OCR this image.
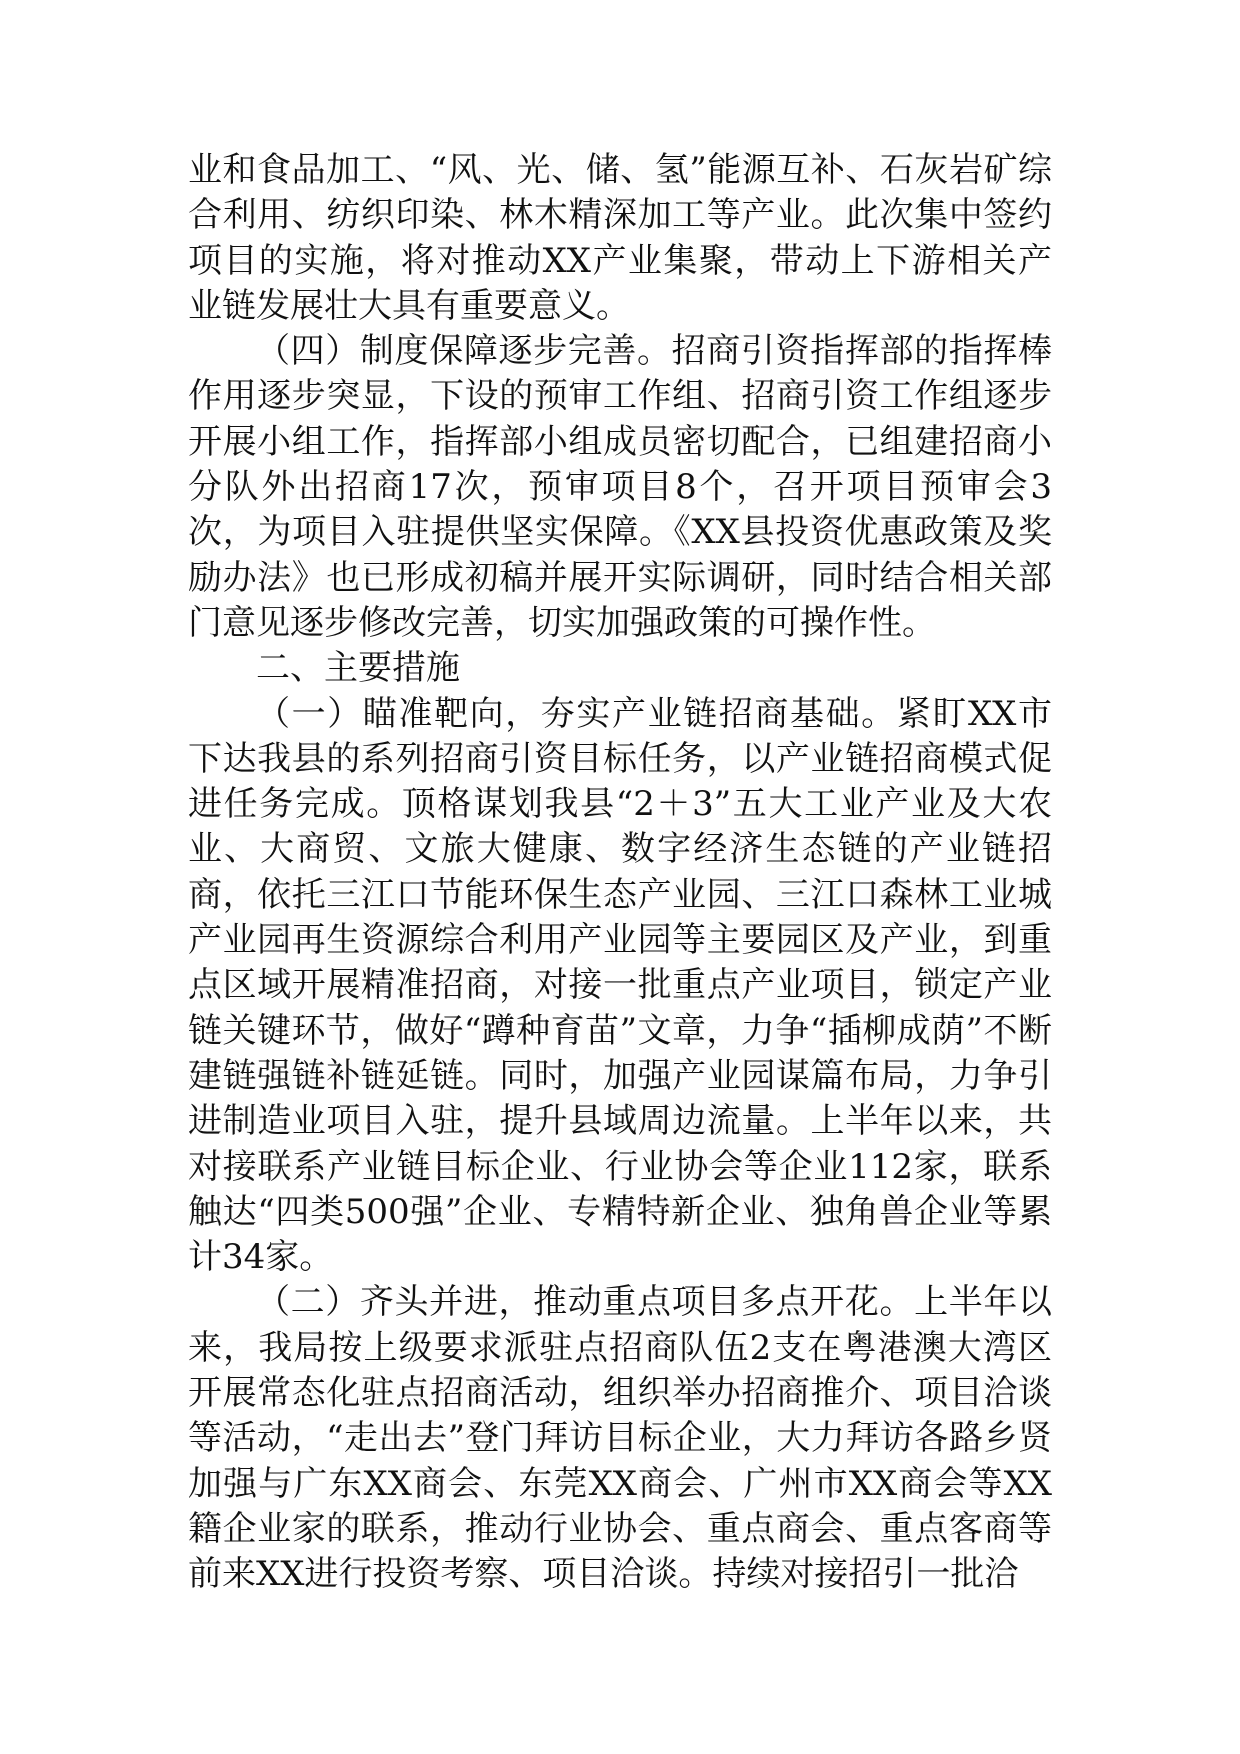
业和食品加工、“风、光、储、氢”能源互补、石灰岩矿综合利用、纺织印染、林木精深加工等产业。此次集中签约项目的实施，将对推动XX产业集聚，带动上下游相关产业链发展壮大具有重要意义。

（四）制度保障逐步完善。招商引资指挥部的指挥棒作用逐步突显，下设的预审工作组、招商引资工作组逐步开展小组工作，指挥部小组成员密切配合，已组建招商小分队外出招商17次，预审项目8个，召开项目预审会3次，为项目入驻提供坚实保障。《XX县投资优惠政策及奖励办法》也已形成初稿并展开实际调研，同时结合相关部门意见逐步修改完善，切实加强政策的可操作性。

二、主要措施

（一）瞄准靶向，夯实产业链招商基础。紧盯XX市下达我县的系列招商引资目标任务，以产业链招商模式促进任务完成。顶格谋划我县“2＋3”五大工业产业及大农业、大商贸、文旅大健康、数字经济生态链的产业链招商，依托三江口节能环保生态产业园、三江口森林工业城产业园再生资源综合利用产业园等主要园区及产业，到重点区域开展精准招商，对接一批重点产业项目，锁定产业链关键环节，做好“蹲种育苗”文章，力争“插柳成荫”不断建链强链补链延链。同时，加强产业园谋篇布局，力争引进制造业项目入驻，提升县域周边流量。上半年以来，共对接联系产业链目标企业、行业协会等企业112家，联系触达“四类500强”企业、专精特新企业、独角兽企业等累计34家。

（二）齐头并进，推动重点项目多点开花。上半年以来，我局按上级要求派驻点招商队伍2支在粤港澳大湾区开展常态化驻点招商活动，组织举办招商推介、项目洽谈等活动，“走出去”登门拜访目标企业，大力拜访各路乡贤加强与广东XX商会、东莞XX商会、广州市XX商会等XX籍企业家的联系，推动行业协会、重点商会、重点客商等前来XX进行投资考察、项目洽谈。持续对接招引一批洽
